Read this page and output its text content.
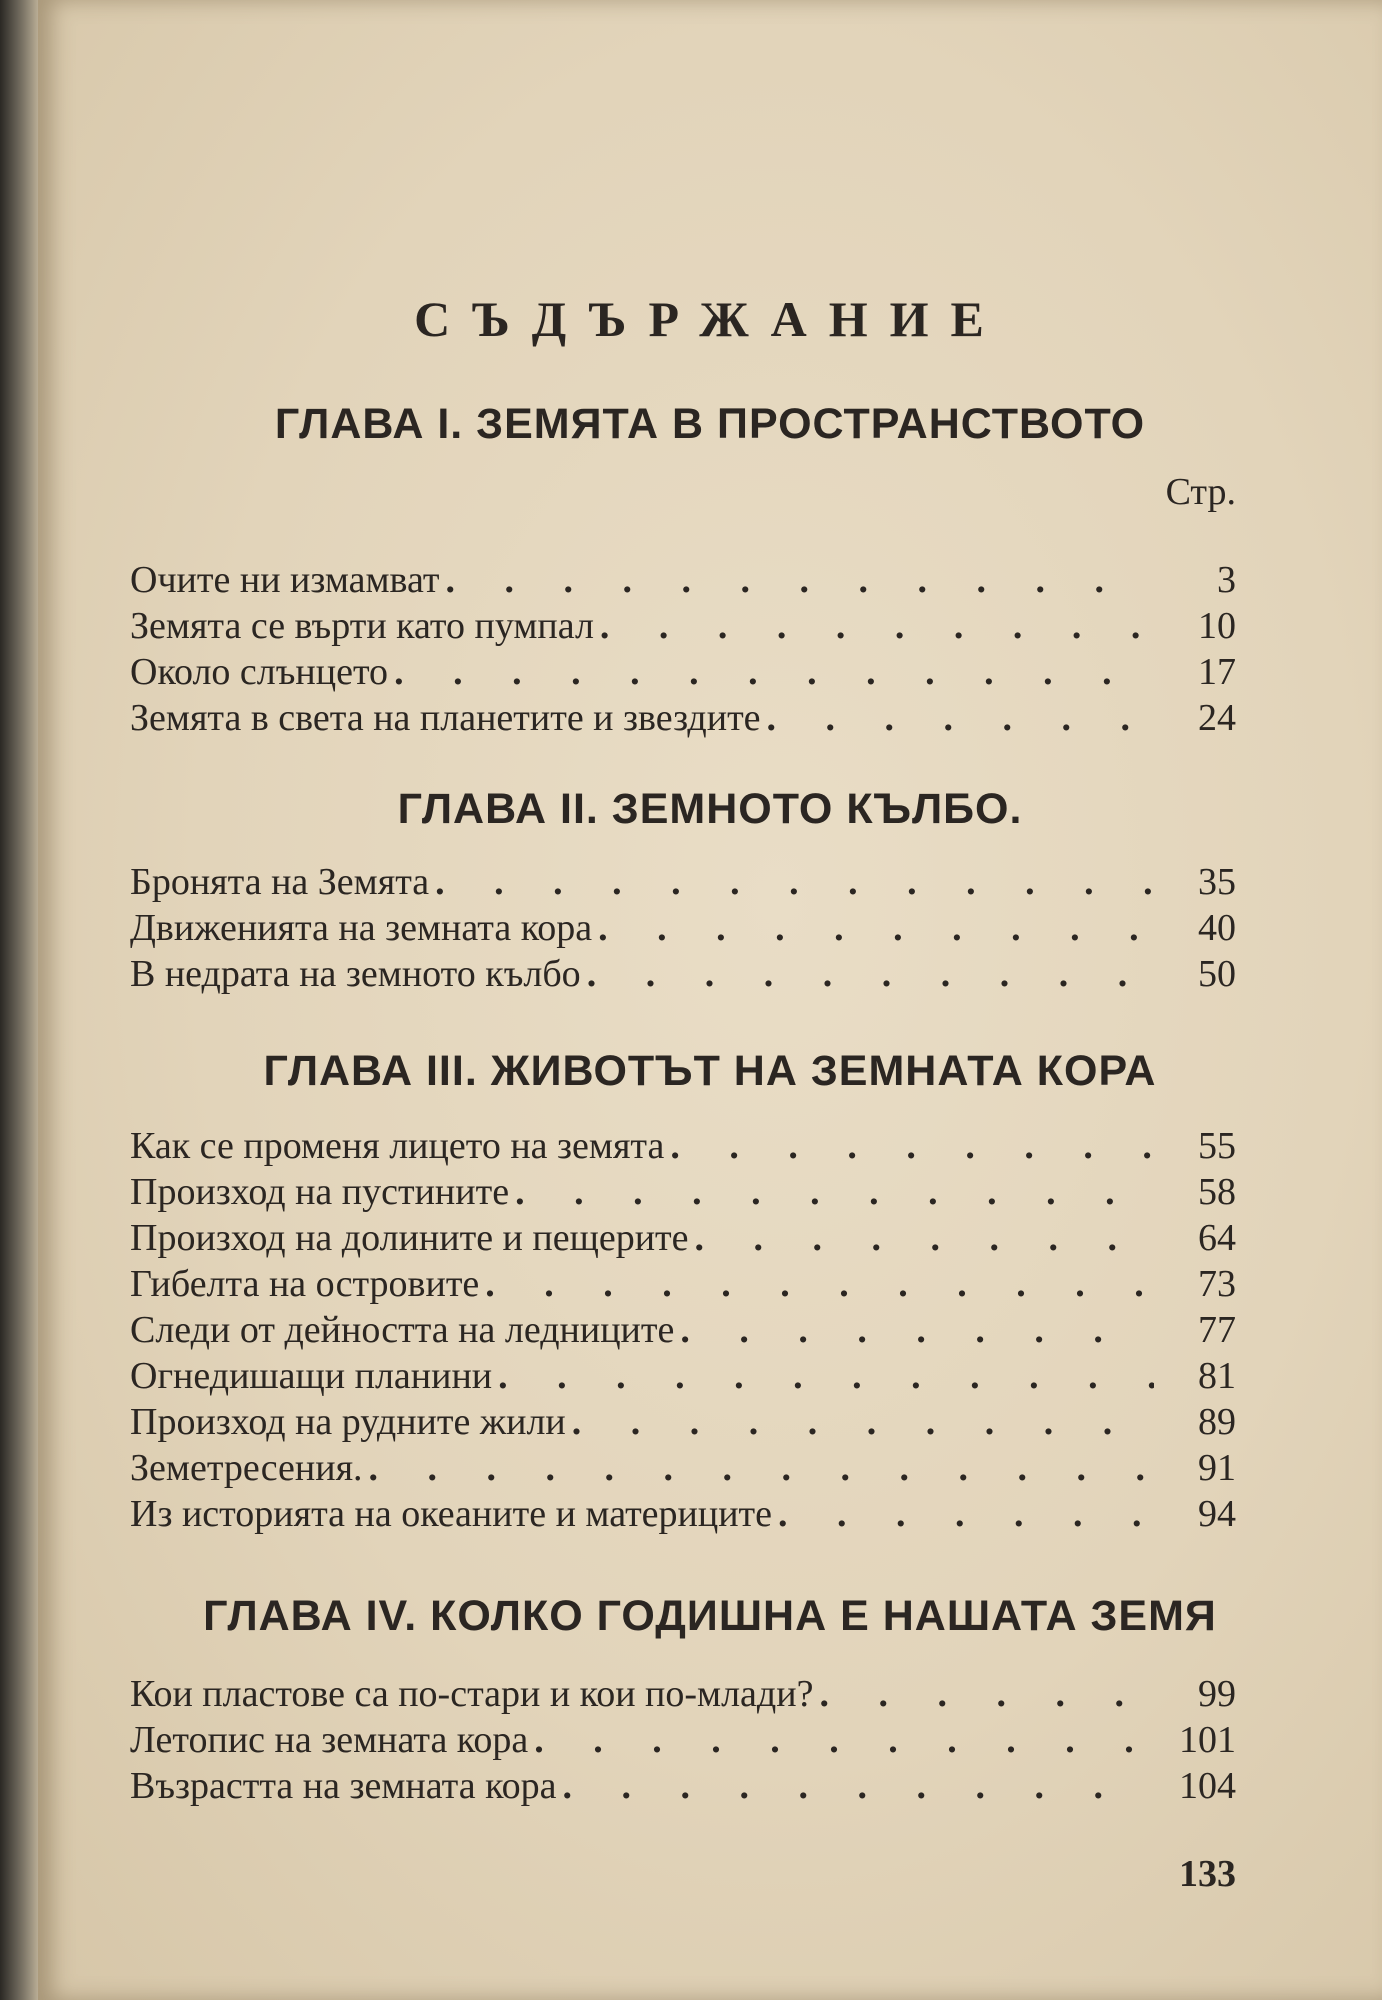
СЪДЪРЖАНИЕ
ГЛАВА I. ЗЕМЯТА В ПРОСТРАНСТВОТО
Стр.
Очите ни измамват . . .	3
Земята се върти като пумпал . . .	10
Около слънцето . . .	17
Земята в света на планетите и звездите . . .	24
ГЛАВА II. ЗЕМНОТО КЪЛБО.
Бронята на Земята . . .	35
Движенията на земната кора . . .	40
В недрата на земното кълбо . . .	50
ГЛАВА III. ЖИВОТЪТ НА ЗЕМНАТА КОРА
Как се променя лицето на земята . . .	55
Произход на пустините . . .	58
Произход на долините и пещерите . . .	64
Гибелта на островите . . .	73
Следи от дейността на ледниците . . .	77
Огнедишащи планини . . .	81
Произход на рудните жили . . .	89
Земетресения. . . .	91
Из историята на океаните и материците . . .	94
ГЛАВА IV. КОЛКО ГОДИШНА Е НАШАТА ЗЕМЯ
Кои пластове са по-стари и кои по-млади? . . .	99
Летопис на земната кора . . .	101
Възрастта на земната кора . . .	104
133
